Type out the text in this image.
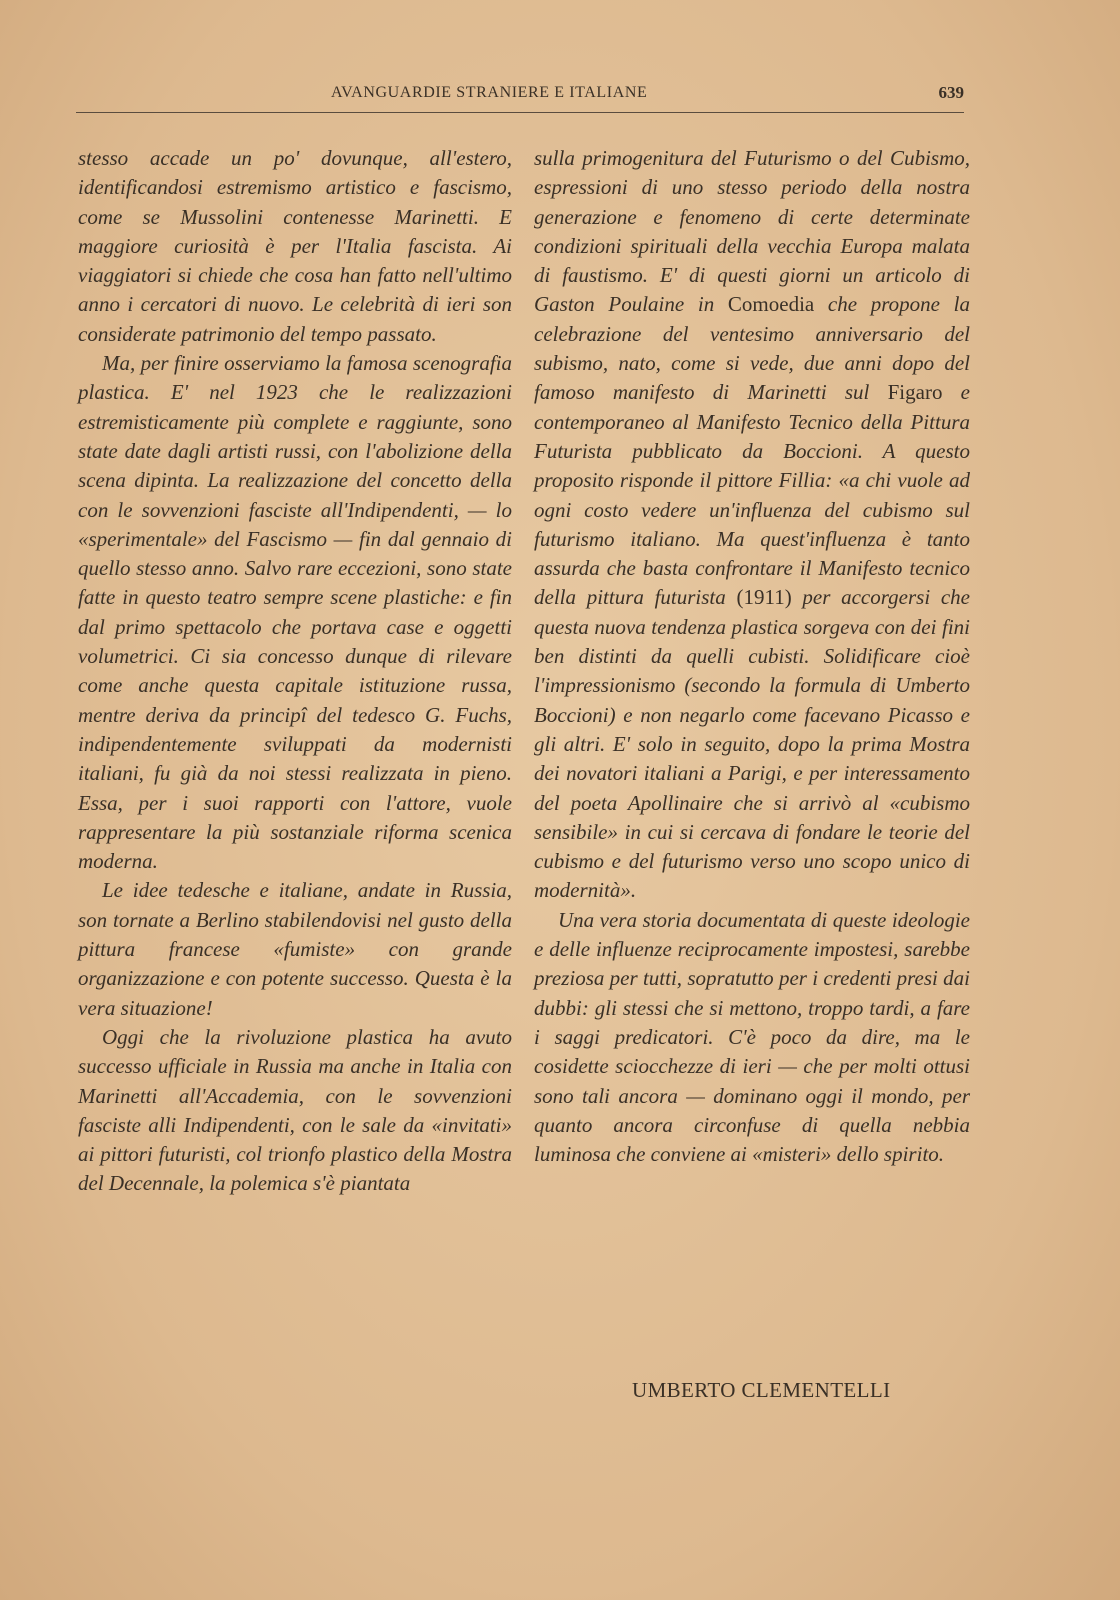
AVANGUARDIE STRANIERE E ITALIANE	639

stesso accade un po' dovunque, all'estero, identificandosi estremismo artistico e fascismo, come se Mussolini contenesse Marinetti. E maggiore curiosità è per l'Italia fascista. Ai viaggiatori si chiede che cosa han fatto nell'ultimo anno i cercatori di nuovo. Le celebrità di ieri son considerate patrimonio del tempo passato.

Ma, per finire osserviamo la famosa scenografia plastica. E' nel 1923 che le realizzazioni estremisticamente più complete e raggiunte, sono state date dagli artisti russi, con l'abolizione della scena dipinta. La realizzazione del concetto della con le sovvenzioni fasciste all'Indipendenti, — lo «sperimentale» del Fascismo — fin dal gennaio di quello stesso anno. Salvo rare eccezioni, sono state fatte in questo teatro sempre scene plastiche: e fin dal primo spettacolo che portava case e oggetti volumetrici. Ci sia concesso dunque di rilevare come anche questa capitale istituzione russa, mentre deriva da principî del tedesco G. Fuchs, indipendentemente sviluppati da modernisti italiani, fu già da noi stessi realizzata in pieno. Essa, per i suoi rapporti con l'attore, vuole rappresentare la più sostanziale riforma scenica moderna.

Le idee tedesche e italiane, andate in Russia, son tornate a Berlino stabilendovisi nel gusto della pittura francese «fumiste» con grande organizzazione e con potente successo. Questa è la vera situazione!

Oggi che la rivoluzione plastica ha avuto successo ufficiale in Russia ma anche in Italia con Marinetti all'Accademia, con le sovvenzioni fasciste alli Indipendenti, con le sale da «invitati» ai pittori futuristi, col trionfo plastico della Mostra del Decennale, la polemica s'è piantata

sulla primogenitura del Futurismo o del Cubismo, espressioni di uno stesso periodo della nostra generazione e fenomeno di certe determinate condizioni spirituali della vecchia Europa malata di faustismo. E' di questi giorni un articolo di Gaston Poulaine in Comoedia che propone la celebrazione del ventesimo anniversario del subismo, nato, come si vede, due anni dopo del famoso manifesto di Marinetti sul Figaro e contemporaneo al Manifesto Tecnico della Pittura Futurista pubblicato da Boccioni. A questo proposito risponde il pittore Fillia: «a chi vuole ad ogni costo vedere un'influenza del cubismo sul futurismo italiano. Ma quest'influenza è tanto assurda che basta confrontare il Manifesto tecnico della pittura futurista (1911) per accorgersi che questa nuova tendenza plastica sorgeva con dei fini ben distinti da quelli cubisti. Solidificare cioè l'impressionismo (secondo la formula di Umberto Boccioni) e non negarlo come facevano Picasso e gli altri. E' solo in seguito, dopo la prima Mostra dei novatori italiani a Parigi, e per interessamento del poeta Apollinaire che si arrivò al «cubismo sensibile» in cui si cercava di fondare le teorie del cubismo e del futurismo verso uno scopo unico di modernità».

Una vera storia documentata di queste ideologie e delle influenze reciprocamente impostesi, sarebbe preziosa per tutti, sopratutto per i credenti presi dai dubbi: gli stessi che si mettono, troppo tardi, a fare i saggi predicatori. C'è poco da dire, ma le cosidette sciocchezze di ieri — che per molti ottusi sono tali ancora — dominano oggi il mondo, per quanto ancora circonfuse di quella nebbia luminosa che conviene ai «misteri» dello spirito.

UMBERTO CLEMENTELLI
